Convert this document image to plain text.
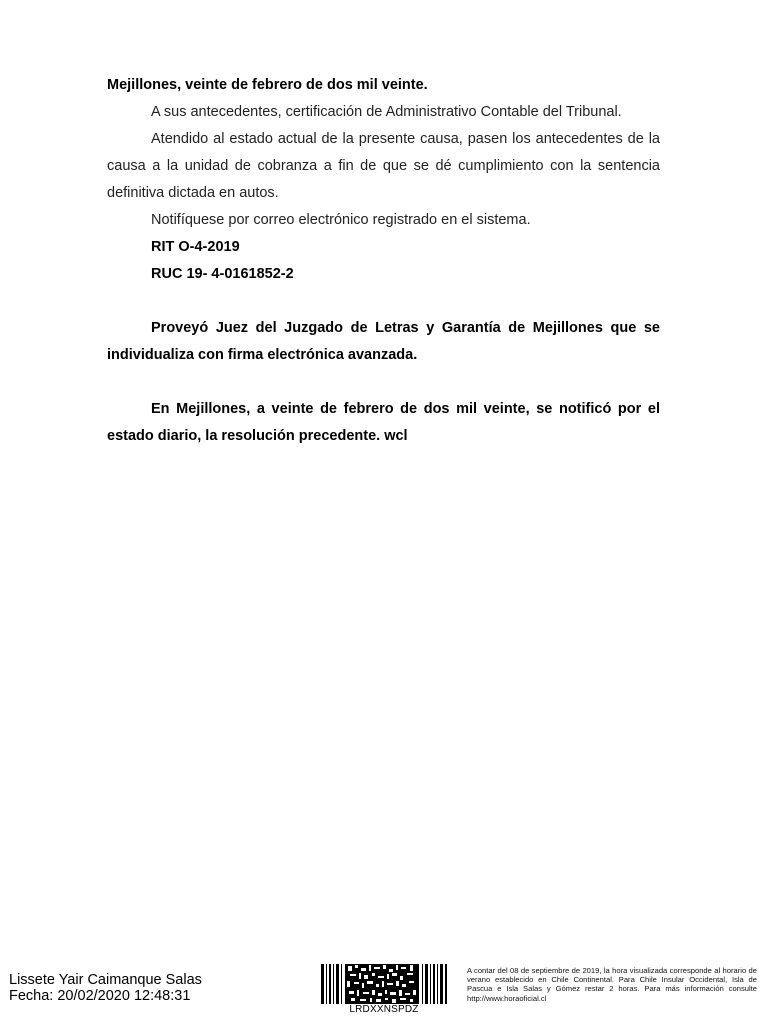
Mejillones, veinte de febrero de dos mil veinte.

A sus antecedentes, certificación de Administrativo Contable del Tribunal.

Atendido al estado actual de la presente causa, pasen los antecedentes de la causa a la unidad de cobranza a fin de que se dé cumplimiento con la sentencia definitiva dictada en autos.

Notifíquese por correo electrónico registrado en el sistema.

RIT O-4-2019

RUC 19- 4-0161852-2

Proveyó Juez del Juzgado de Letras y Garantía de Mejillones que se individualiza con firma electrónica avanzada.

En Mejillones, a veinte de febrero de dos mil veinte, se notificó por el estado diario, la resolución precedente. wcl

Lissete Yair Caimanque Salas
Fecha: 20/02/2020 12:48:31
LRDXXNSPDZ
A contar del 08 de septiembre de 2019, la hora visualizada corresponde al horario de verano establecido en Chile Continental. Para Chile Insular Occidental, Isla de Pascua e Isla Salas y Gómez restar 2 horas. Para más información consulte http://www.horaoficial.cl
